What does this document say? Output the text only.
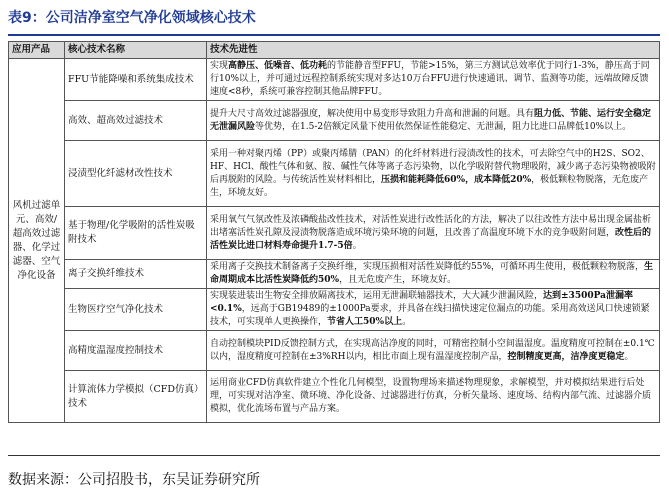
表9：公司洁净室空气净化领域核心技术
应用产品	核心技术名称	技术先进性
风机过滤单元、高效/超高效过滤器、化学过滤器、空气净化设备	FFU节能降噪和系统集成技术	实现高静压、低噪音、低功耗的节能静音型FFU，节能>15%，第三方测试总效率优于同行1-3%，静压高于同行10%以上，并可通过远程控制系统实现对多达10万台FFU进行快速通讯、调节、监测等功能，远端故障反馈速度<8秒，系统可兼容控制其他品牌FFU。
	高效、超高效过滤技术	提升大尺寸高效过滤器强度，解决使用中易变形导致阻力升高和泄漏的问题。具有阻力低、节能、运行安全稳定无泄漏风险等优势，在1.5-2倍额定风量下使用依然保证性能稳定、无泄漏，阻力比进口品牌低10%以上。
	浸渍型化纤滤材改性技术	采用一种对聚丙烯（PP）或聚丙烯腈（PAN）的化纤材料进行浸渍改性的技术，可去除空气中的H2S、SO2、HF、HCl、酸性气体和氨、胺、碱性气体等离子态污染物，以化学吸附替代物理吸附，减少离子态污染物被吸附后再脱附的风险。与传统活性炭材料相比，压损和能耗降低60%，成本降低20%，极低颗粒物脱落，无危废产生，环境友好。
	基于物理/化学吸附的活性炭吸附技术	采用氧气气氛改性及浓磷酸盐改性技术，对活性炭进行改性活化的方法，解决了以往改性方法中易出现金属盐析出堵塞活性炭孔隙及浸渍物脱落造成环境污染环境的问题，且改善了高温度环境下水的竞争吸附问题，改性后的活性炭比进口材料寿命提升1.7-5倍。
	离子交换纤维技术	采用离子交换技术制备离子交换纤维，实现压损相对活性炭降低约55%，可循环再生使用，极低颗粒物脱落，生命周期成本比活性炭降低约50%，且无危废产生，环境友好。
	生物医疗空气净化技术	实现装进装出生物安全排放隔离技术，运用无泄漏联轴器技术，大大减少泄漏风险，达到±3500Pa泄漏率<0.1%，远高于GB19489的±1000Pa要求，并具备在线扫描快速定位漏点的功能。采用高效送风口快速锁紧技术，可实现单人更换操作，节省人工50%以上。
	高精度温湿度控制技术	自动控制模块PID反馈控制方式，在实现高洁净度的同时，可精密控制小空间温湿度。温度精度可控制在±0.1℃以内，湿度精度可控制在±3%RH以内，相比市面上现有温湿度控制产品，控制精度更高，洁净度更稳定。
	计算流体力学模拟（CFD仿真）技术	运用商业CFD仿真软件建立个性化几何模型，设置物理场来描述物理现象，求解模型，并对模拟结果进行后处理，可实现对洁净室、微环境、净化设备、过滤器进行仿真，分析矢量场、速度场、结构内部气流、过滤器介质模拟，优化流场布置与产品方案。
数据来源：公司招股书，东吴证券研究所
